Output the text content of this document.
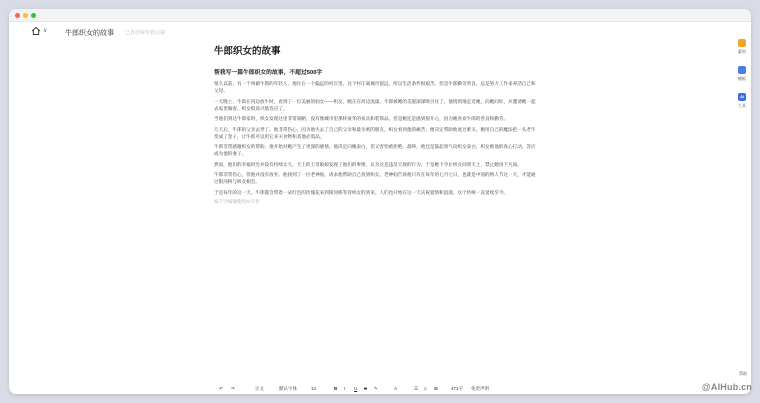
∨	牛郎织女的故事 已自动保存到云端
牛郎织女的故事
帮我写一篇牛郎织女的故事，不超过500字

很久以前，有一个叫做牛郎的年轻人，他住在一个偏远的村庄里。这个村庄离城市很远，所以生活条件很艰苦。但是牛郎勤劳善良，总是努力工作来养活自己和父母。

一天晚上，牛郎在河边放牛时，看到了一位美丽的仙女——织女。她正在河边洗澡，牛郎被她的美貌深深吸引住了。他悄悄地走近她，向她问好，并邀请她一起去家里做客。织女很高兴地答应了。

当他们到达牛郎家时，织女发现这里非常简陋，没有像城市里那样豪华的家具和装饰品。但是她还是感到很开心，因为她喜欢牛郎的善良和勤劳。

几天后，牛郎的父亲去世了。他非常伤心，因为他失去了自己的父亲和最亲密的朋友。织女看到他的痛苦，便决定帮助他度过难关。她用自己的魔法把一头老牛变成了金子，让牛郎可以用它来买食物和其他必需品。

牛郎非常感激织女的帮助，他开始对她产生了更深的感情。他决定向她表白，但又害怕被拒绝。最终，他还是鼓起勇气向织女表白。织女被他的真心打动，答应成为他的妻子。

然而，他们的幸福时光并没有持续太久。天上的王母娘娘发现了他们的事情，认为这是违反天规的行为。于是她下令让织女回到天上，禁止她再下凡间。

牛郎非常伤心，但他并没有放弃。他找到了一位老神仙，请求他帮助自己找到织女。老神仙告诉他只有在每年的七月七日，也就是中国的情人节这一天，才能通过银河桥与织女相会。

于是每年的这一天，牛郎都会带着一朵红色的玫瑰花来到银河桥等待织女的到来。人们也开始在这一天庆祝爱情和浪漫，这个传统一直延续至今。

按下空格键使用AI写作
素材
模板
AI
工具
↶ ↷	正文	默认字体	14	B I U S ✎	A	☰ ≡ ⊞	471字 免责声明
帮助
@AIHub.cn
